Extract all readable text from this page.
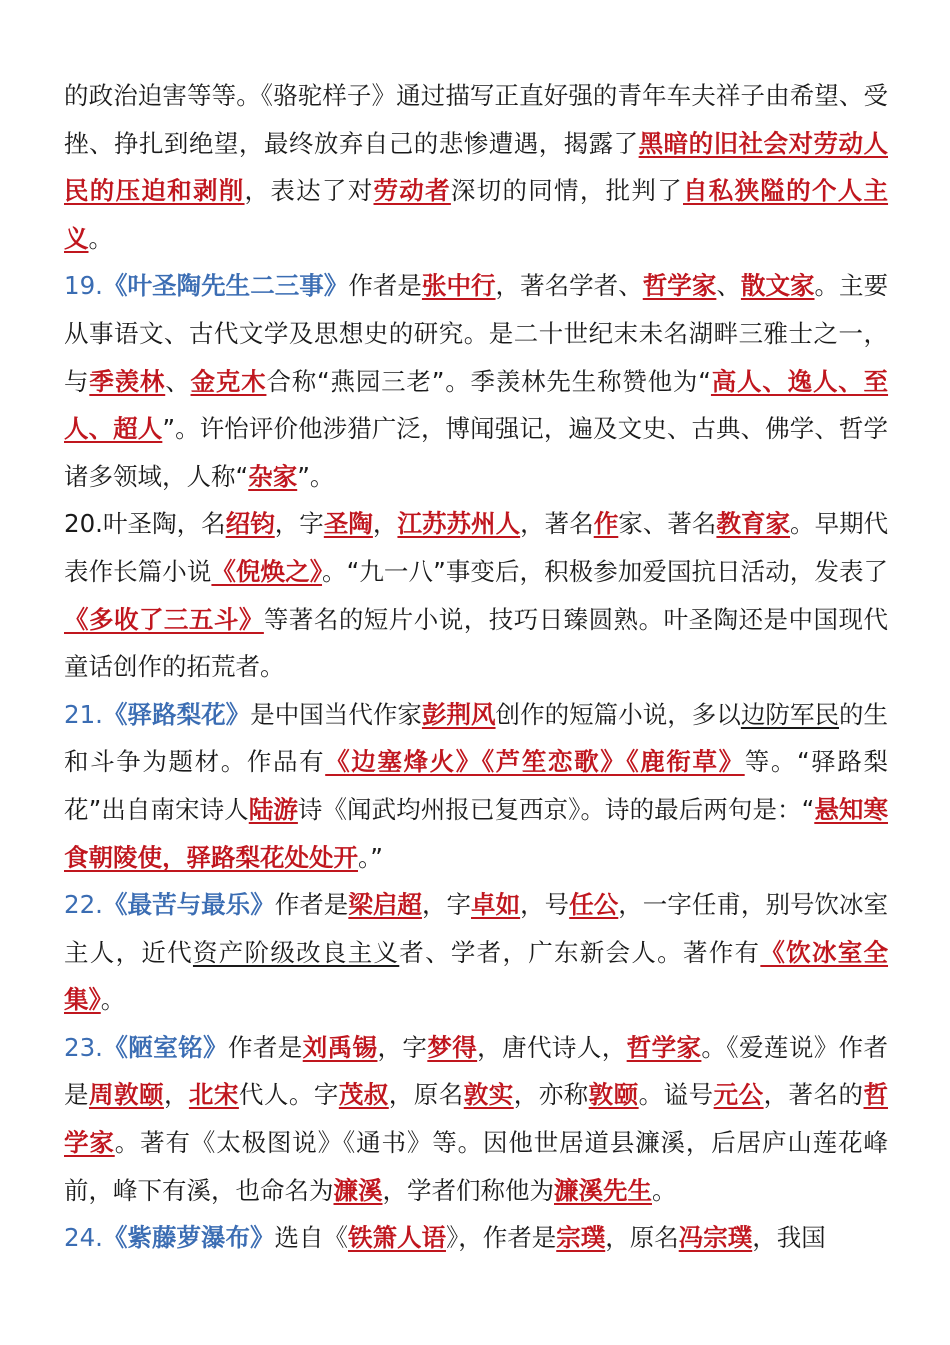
的政治迫害等等。《骆驼样子》通过描写正直好强的青年车夫祥子由希望、受挫、挣扎到绝望，最终放弃自己的悲惨遭遇，揭露了黑暗的旧社会对劳动人民的压迫和剥削，表达了对劳动者深切的同情，批判了自私狭隘的个人主义。

19.《叶圣陶先生二三事》作者是张中行，著名学者、哲学家、散文家。主要从事语文、古代文学及思想史的研究。是二十世纪末未名湖畔三雅士之一，与季羡林、金克木合称“燕园三老”。季羡林先生称赞他为“高人、逸人、至人、超人”。许怡评价他涉猎广泛，博闻强记，遍及文史、古典、佛学、哲学诸多领域，人称“杂家”。

20.叶圣陶，名绍钧，字圣陶，江苏苏州人，著名作家、著名教育家。早期代表作长篇小说《倪焕之》。“九一八”事变后，积极参加爱国抗日活动，发表了《多收了三五斗》等著名的短片小说，技巧日臻圆熟。叶圣陶还是中国现代童话创作的拓荒者。

21.《驿路梨花》是中国当代作家彭荆风创作的短篇小说，多以边防军民的生和斗争为题材。作品有《边塞烽火》《芦笙恋歌》《鹿衔草》等。“驿路梨花”出自南宋诗人陆游诗《闻武均州报已复西京》。诗的最后两句是：“悬知寒食朝陵使，驿路梨花处处开。”

22.《最苦与最乐》作者是梁启超，字卓如，号任公，一字任甫，别号饮冰室主人，近代资产阶级改良主义者、学者，广东新会人。著作有《饮冰室全集》。

23.《陋室铭》作者是刘禹锡，字梦得，唐代诗人，哲学家。《爱莲说》作者是周敦颐，北宋代人。字茂叔，原名敦实，亦称敦颐。谥号元公，著名的哲学家。著有《太极图说》《通书》等。因他世居道县濂溪，后居庐山莲花峰前，峰下有溪，也命名为濂溪，学者们称他为濂溪先生。

24.《紫藤萝瀑布》选自《铁箫人语》，作者是宗璞，原名冯宗璞，我国
